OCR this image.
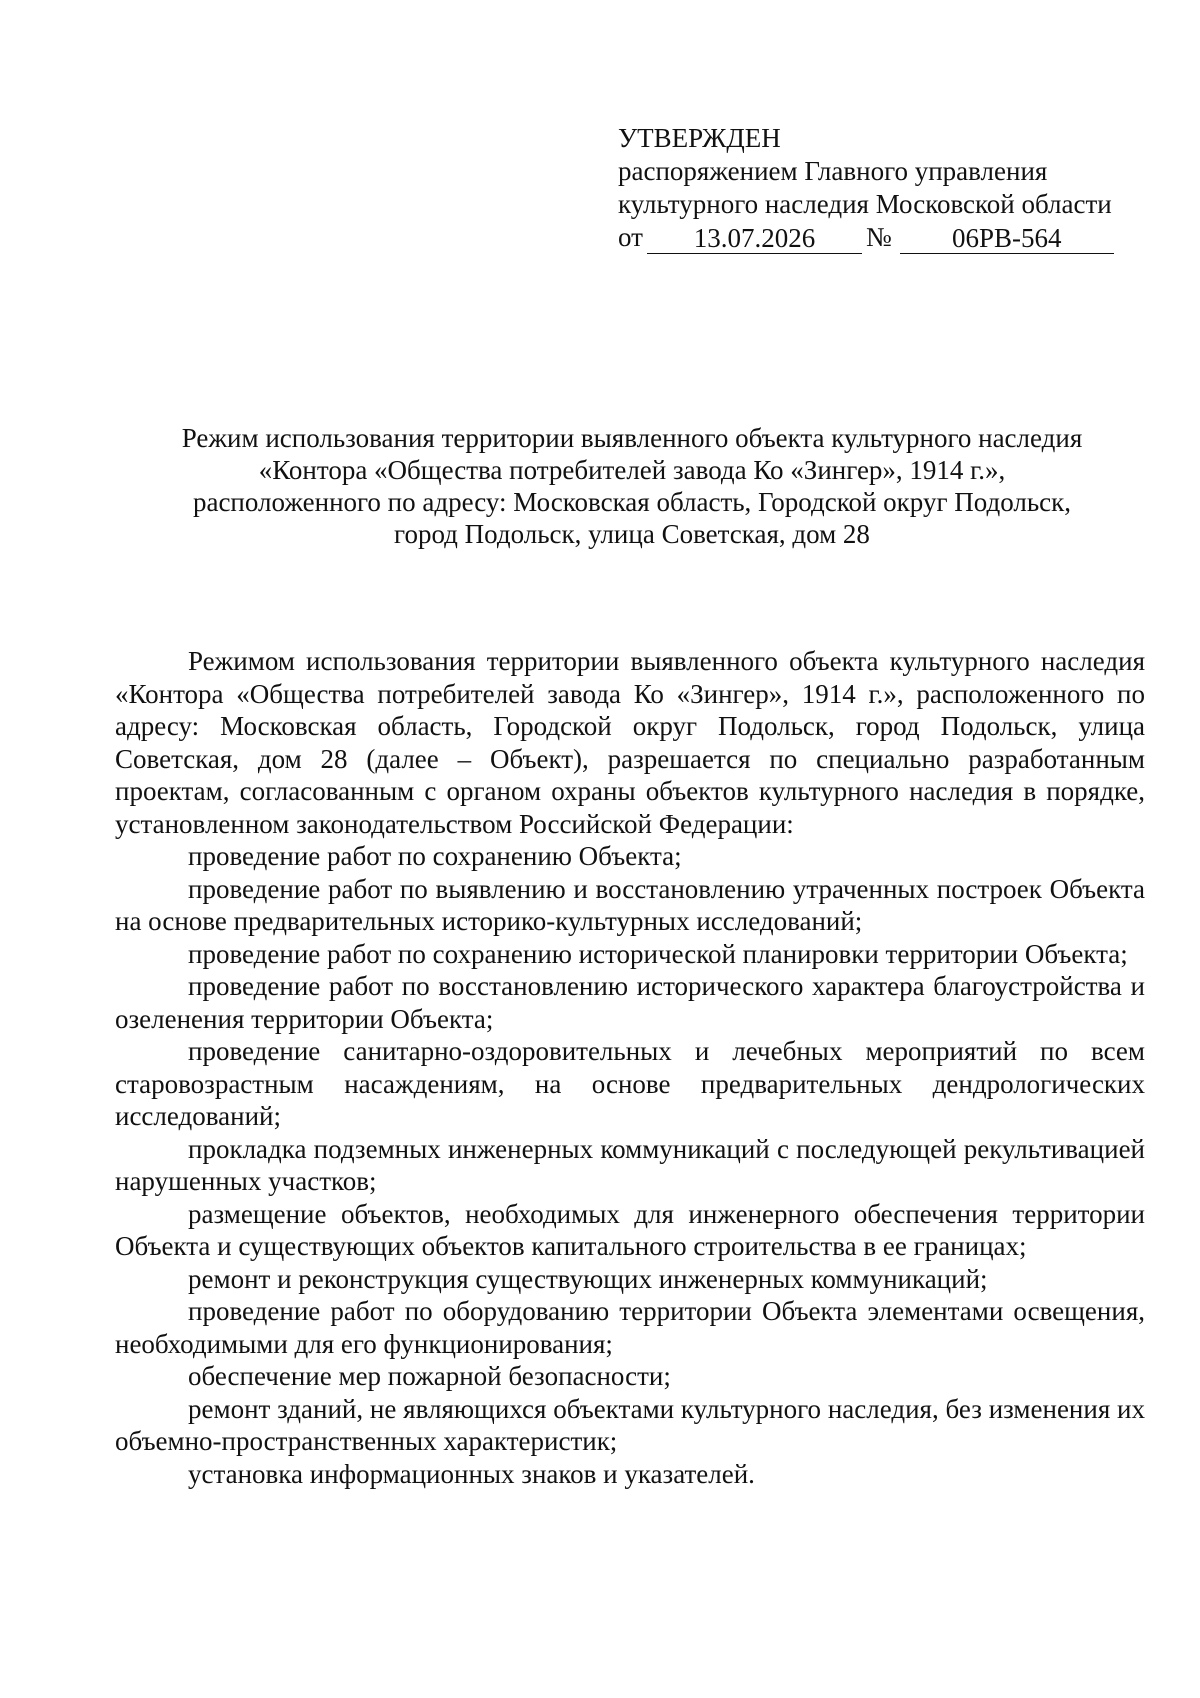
УТВЕРЖДЕН
распоряжением Главного управления
культурного наследия Московской области
от	13.07.2026	№	06РВ-564
Режим использования территории выявленного объекта культурного наследия
«Контора «Общества потребителей завода Ко «Зингер», 1914 г.»,
расположенного по адресу: Московская область, Городской округ Подольск,
город Подольск, улица Советская, дом 28

Режимом использования территории выявленного объекта культурного наследия «Контора «Общества потребителей завода Ко «Зингер», 1914 г.», расположенного по адресу: Московская область, Городской округ Подольск, город Подольск, улица Советская, дом 28 (далее – Объект), разрешается по специально разработанным проектам, согласованным с органом охраны объектов культурного наследия в порядке, установленном законодательством Российской Федерации:

проведение работ по сохранению Объекта;

проведение работ по выявлению и восстановлению утраченных построек Объекта на основе предварительных историко-культурных исследований;

проведение работ по сохранению исторической планировки территории Объекта;

проведение работ по восстановлению исторического характера благоустройства и озеленения территории Объекта;

проведение санитарно-оздоровительных и лечебных мероприятий по всем старовозрастным насаждениям, на основе предварительных дендрологических исследований;

прокладка подземных инженерных коммуникаций с последующей рекультивацией нарушенных участков;

размещение объектов, необходимых для инженерного обеспечения территории Объекта и существующих объектов капитального строительства в ее границах;

ремонт и реконструкция существующих инженерных коммуникаций;

проведение работ по оборудованию территории Объекта элементами освещения, необходимыми для его функционирования;

обеспечение мер пожарной безопасности;

ремонт зданий, не являющихся объектами культурного наследия, без изменения их объемно-пространственных характеристик;

установка информационных знаков и указателей.
